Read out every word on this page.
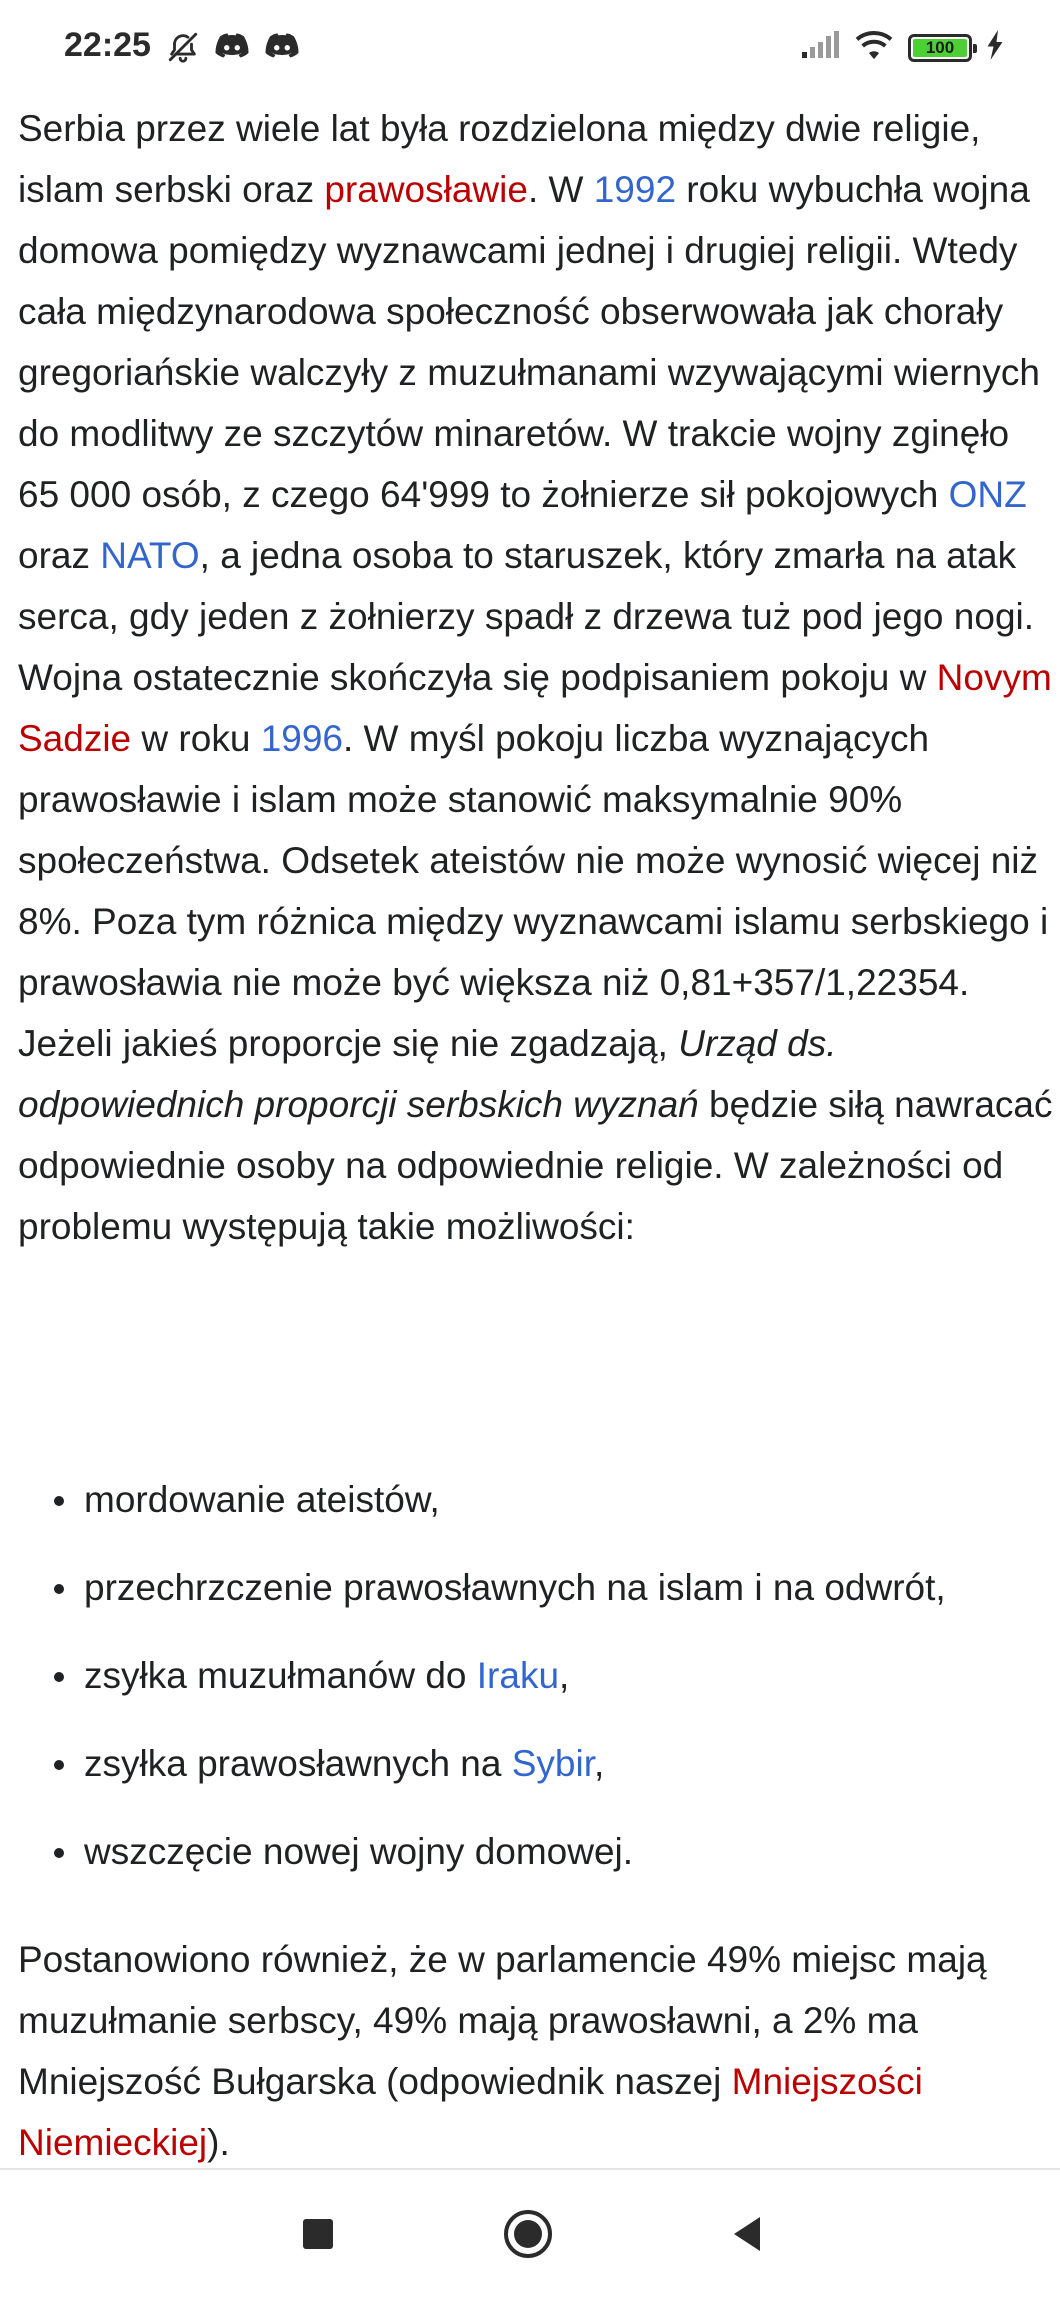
22:25	100

Serbia przez wiele lat była rozdzielona między dwie religie, islam serbski oraz prawosławie. W 1992 roku wybuchła wojna domowa pomiędzy wyznawcami jednej i drugiej religii. Wtedy cała międzynarodowa społeczność obserwowała jak chorały gregoriańskie walczyły z muzułmanami wzywającymi wiernych do modlitwy ze szczytów minaretów. W trakcie wojny zginęło 65 000 osób, z czego 64'999 to żołnierze sił pokojowych ONZ oraz NATO, a jedna osoba to staruszek, który zmarła na atak serca, gdy jeden z żołnierzy spadł z drzewa tuż pod jego nogi. Wojna ostatecznie skończyła się podpisaniem pokoju w Novym Sadzie w roku 1996. W myśl pokoju liczba wyznających prawosławie i islam może stanowić maksymalnie 90% społeczeństwa. Odsetek ateistów nie może wynosić więcej niż 8%. Poza tym różnica między wyznawcami islamu serbskiego i prawosławia nie może być większa niż 0,81+357/1,22354. Jeżeli jakieś proporcje się nie zgadzają, Urząd ds. odpowiednich proporcji serbskich wyznań będzie siłą nawracać odpowiednie osoby na odpowiednie religie. W zależności od problemu występują takie możliwości:

mordowanie ateistów,
przechrzczenie prawosławnych na islam i na odwrót,
zsyłka muzułmanów do Iraku,
zsyłka prawosławnych na Sybir,
wszczęcie nowej wojny domowej.

Postanowiono również, że w parlamencie 49% miejsc mają muzułmanie serbscy, 49% mają prawosławni, a 2% ma Mniejszość Bułgarska (odpowiednik naszej Mniejszości Niemieckiej).
